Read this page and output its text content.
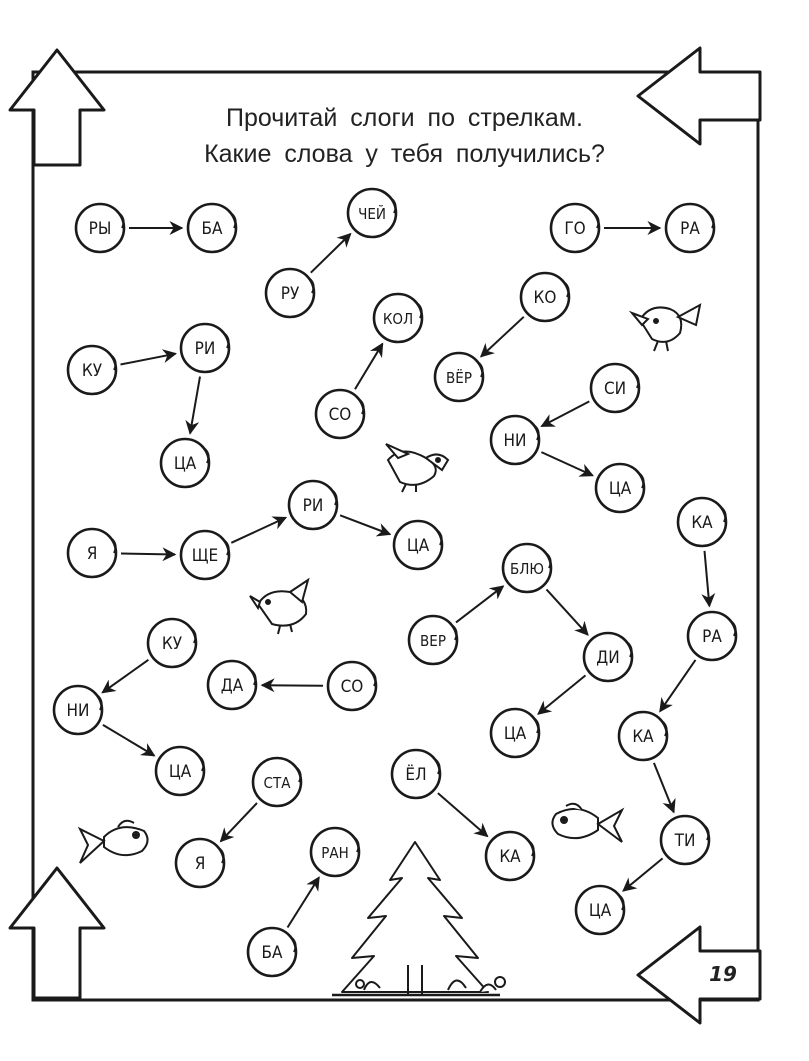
РЫ	БА
РУ
ЧЕЙ
ГО	РА
КУ
РИ
ЦА
СО
КОЛ
КО
ВЁР
СИ
НИ
ЦА
Я	ЩЕ
РИ
ЦА
ВЕР
БЛЮ
ДИ
ЦА
КА
РА
КА
ТИ
ЦА
КУ
НИ
ЦА
СО
ДА
СТА
Я
ЁЛ
КА
БА
РАН
Прочитай слоги по стрелкам.
Какие слова у тебя получились?
19
